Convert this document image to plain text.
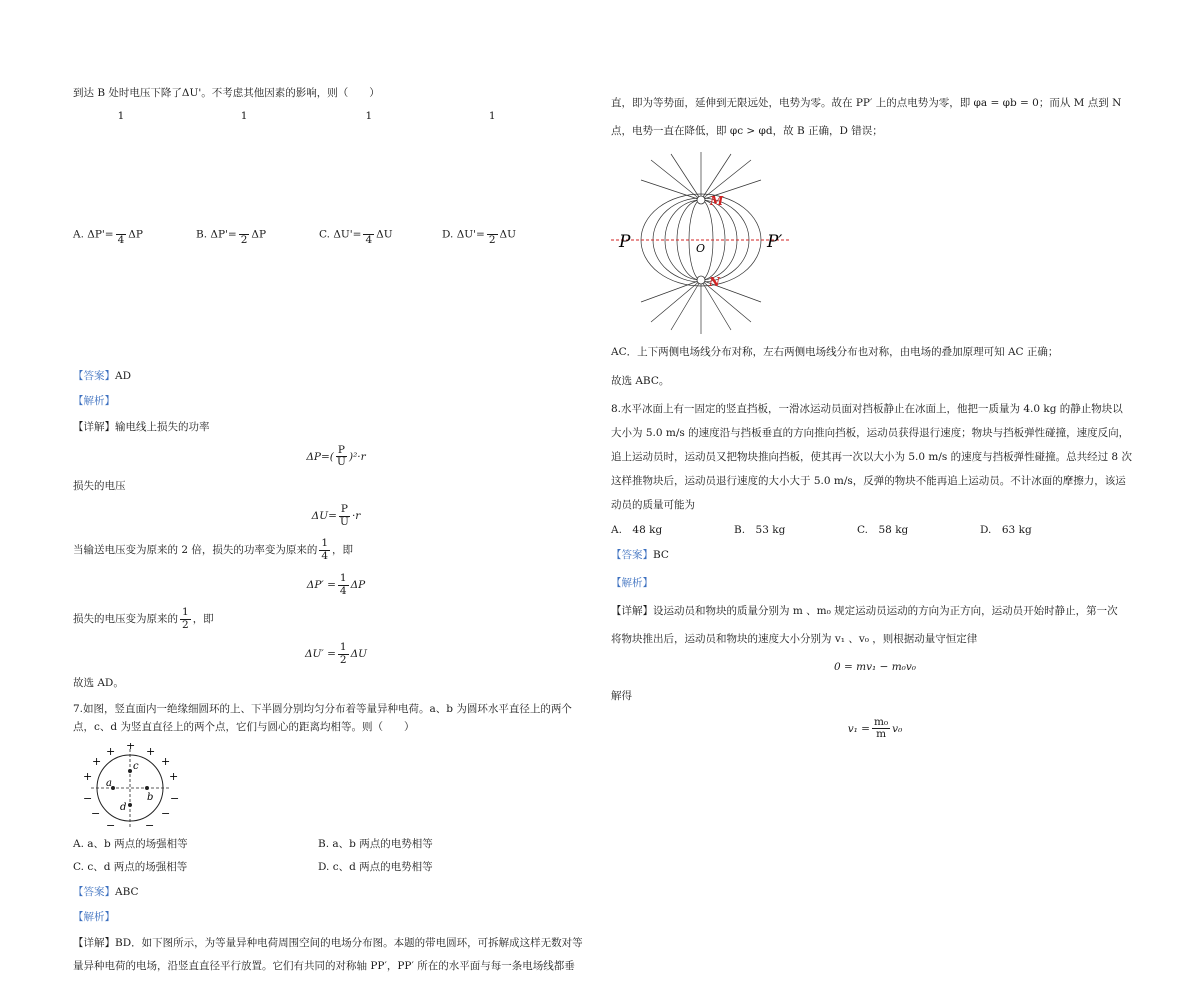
到达 B 处时电压下降了ΔU'。不考虑其他因素的影响，则（　　）

A. $\Delta P'= \frac{1}{4}$ ΔP	B. $\Delta P'= \frac{1}{2}$ ΔP	C. $\Delta U'= \frac{1}{4}$ ΔU	D. $\Delta U'= \frac{1}{2}$ ΔU

【答案】AD

【解析】

【详解】输电线上损失的功率

$\Delta P=( \frac{P}{U} )^2\cdot r$

损失的电压

$\Delta U= \frac{P}{U} \cdot r$

当输送电压变为原来的 2 倍，损失的功率变为原来的 $\frac{1}{4}$ ，即

$\Delta P' = \frac{1}{4}$ ΔP

损失的电压变为原来的 $\frac{1}{2}$ ，即

$\Delta U' = \frac{1}{2}$ ΔU

故选 AD。

7.如图，竖直面内一绝缘细圆环的上、下半圆分别均匀分布着等量异种电荷。a、b 为圆环水平直径上的两个

点，c、d 为竖直直径上的两个点，它们与圆心的距离均相等。则（　　）

a
b
c
d
+
+ + +
+
+	+
−	−
−	−
−	−
A. a、b 两点的场强相等	B. a、b 两点的电势相等
C. c、d 两点的场强相等	D. c、d 两点的电势相等

【答案】ABC

【解析】

【详解】BD．如下图所示，为等量异种电荷周围空间的电场分布图。本题的带电圆环，可拆解成这样无数对等

量异种电荷的电场，沿竖直直径平行放置。它们有共同的对称轴 PP′，PP′ 所在的水平面与每一条电场线都垂

直，即为等势面，延伸到无限远处，电势为零。故在 PP′ 上的点电势为零，即 φa = φb = 0；而从 M 点到 N

点，电势一直在降低，即 φc > φd，故 B 正确，D 错误；

M
N
P	P′
O

AC．上下两侧电场线分布对称，左右两侧电场线分布也对称，由电场的叠加原理可知 AC 正确；

故选 ABC。

8.水平冰面上有一固定的竖直挡板，一滑冰运动员面对挡板静止在冰面上，他把一质量为 4.0 kg 的静止物块以

大小为 5.0 m/s 的速度沿与挡板垂直的方向推向挡板，运动员获得退行速度；物块与挡板弹性碰撞，速度反向，

追上运动员时，运动员又把物块推向挡板，使其再一次以大小为 5.0 m/s 的速度与挡板弹性碰撞。总共经过 8 次

这样推物块后，运动员退行速度的大小大于 5.0 m/s，反弹的物块不能再追上运动员。不计冰面的摩擦力，该运

动员的质量可能为

A.　48 kg	B.　53 kg	C.　58 kg	D.　63 kg

【答案】BC

【解析】

【详解】设运动员和物块的质量分别为 m 、m₀ 规定运动员运动的方向为正方向，运动员开始时静止，第一次

将物块推出后，运动员和物块的速度大小分别为 v₁ 、v₀ ，则根据动量守恒定律

0 = mv₁ − m₀v₀

解得

$v_1 = \frac{\text{m₀}}{m} v_0$
